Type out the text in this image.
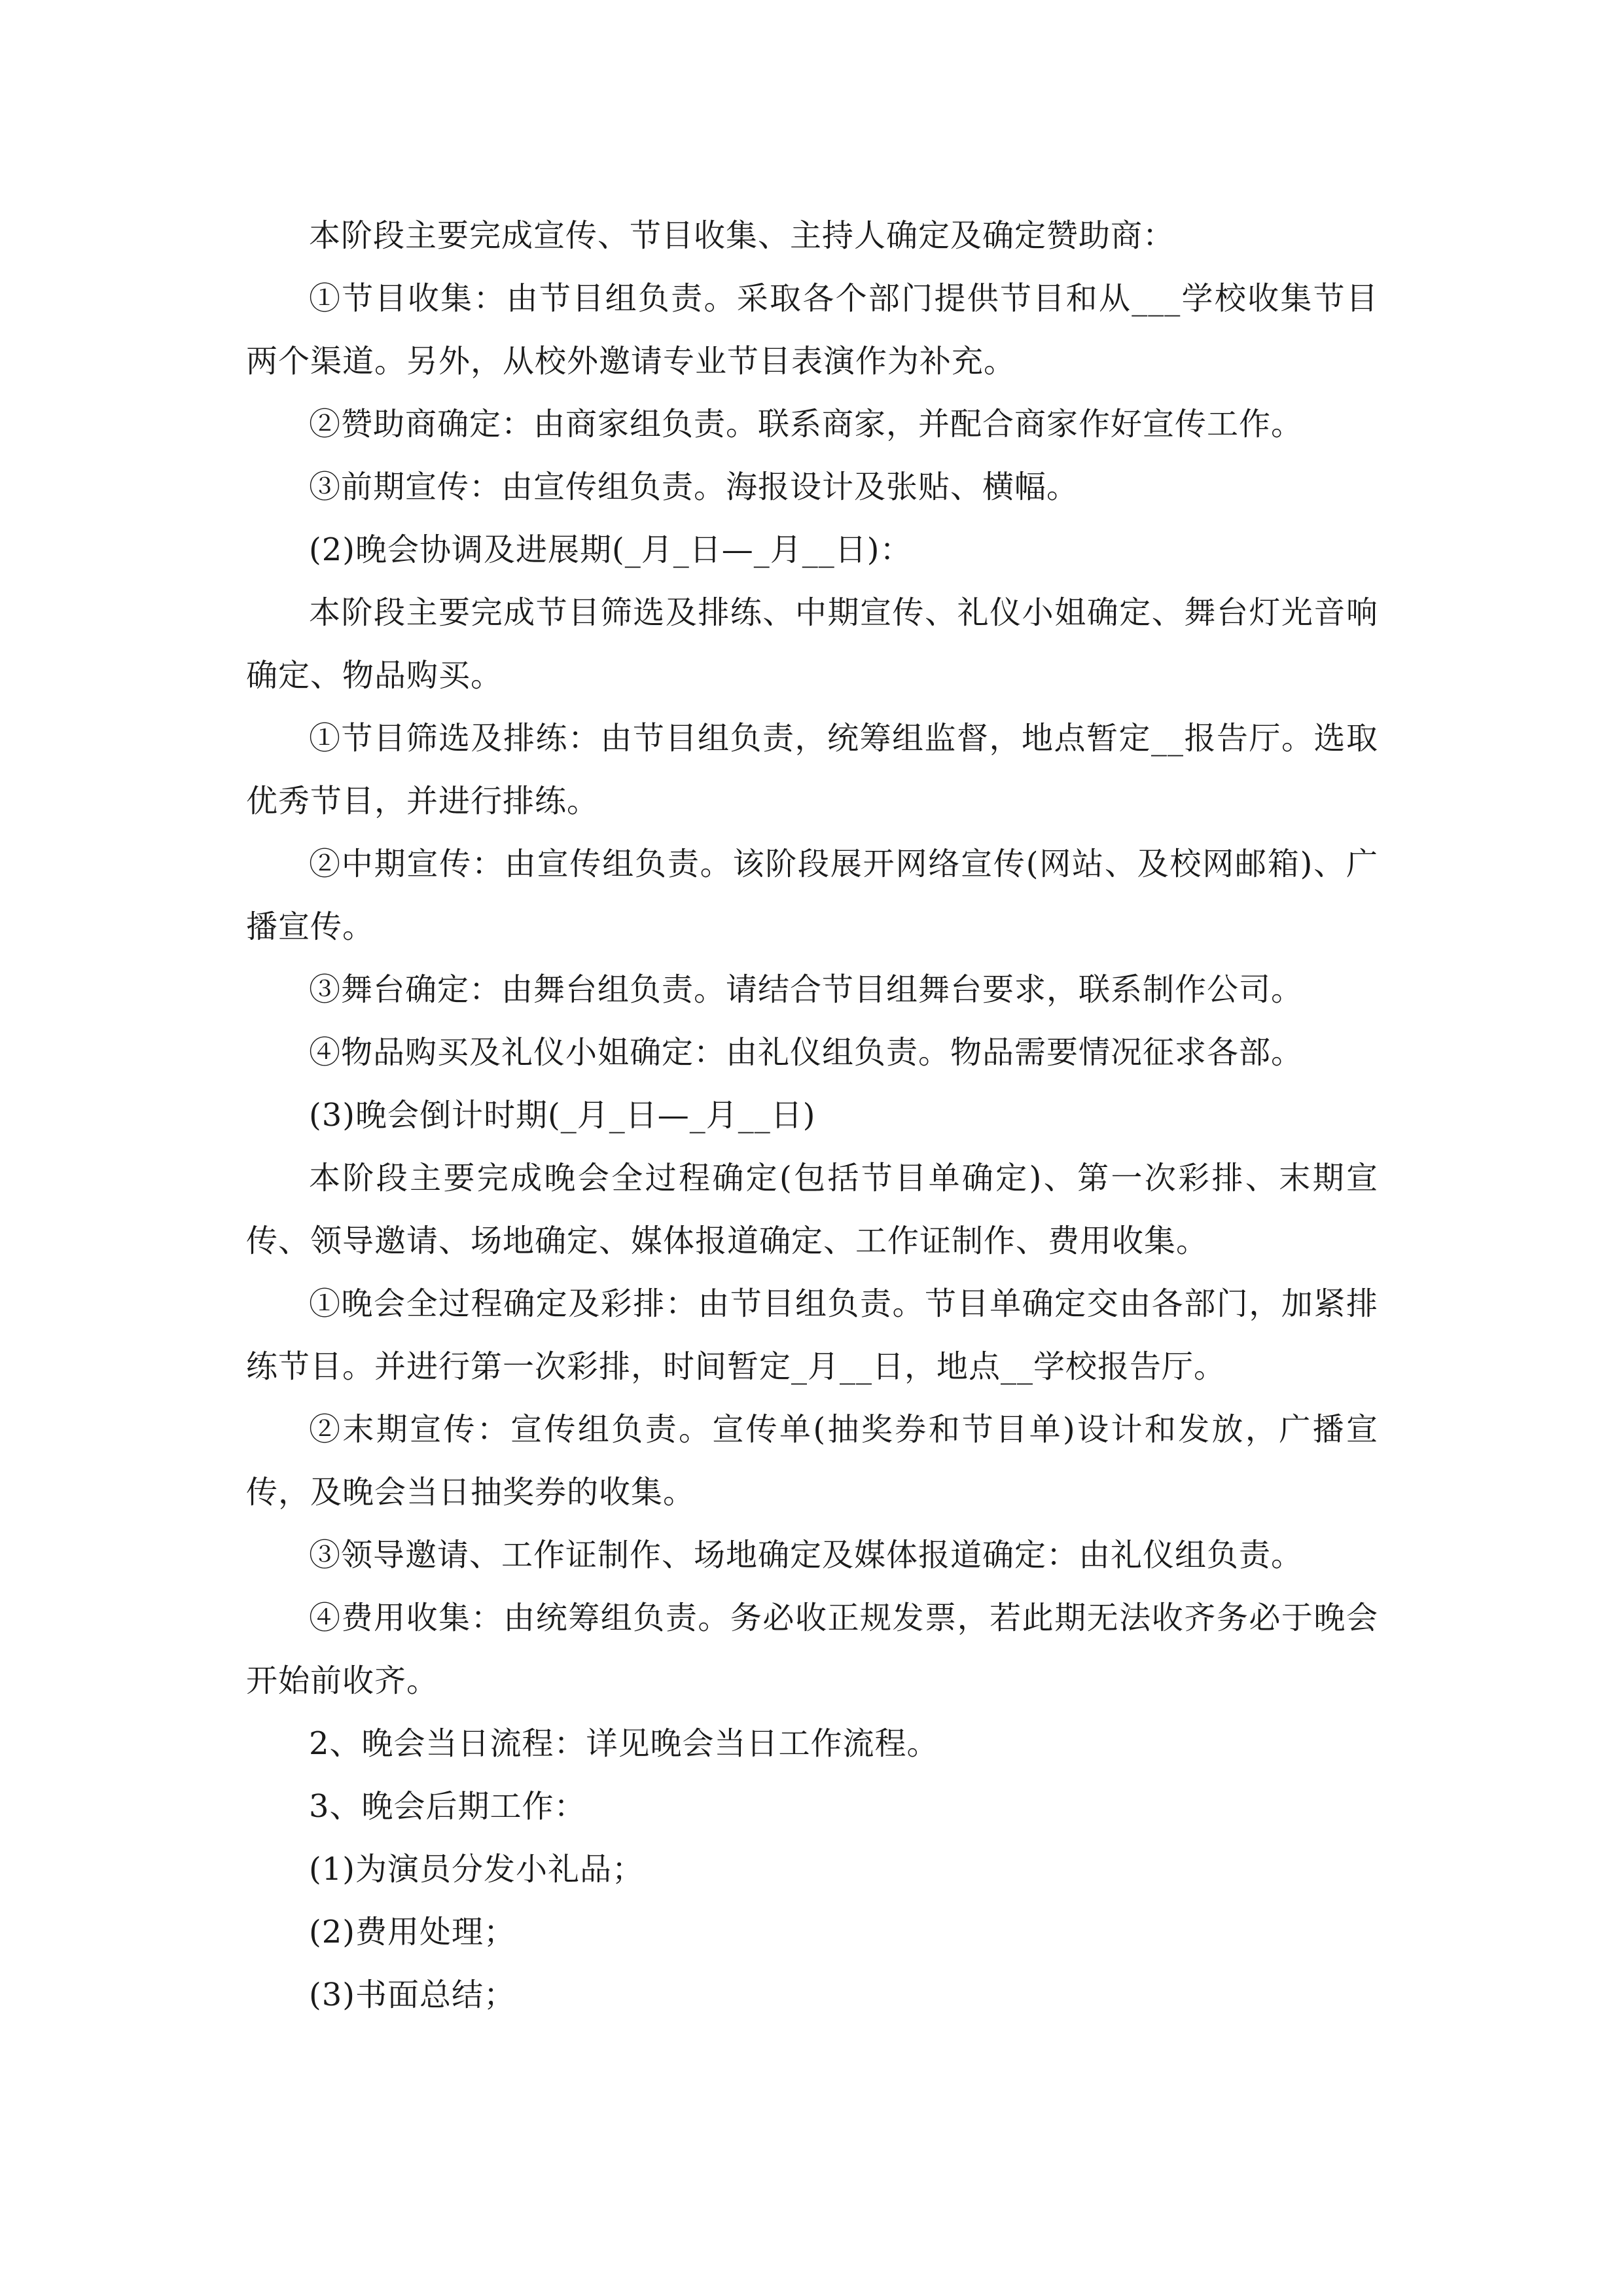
本阶段主要完成宣传、节目收集、主持人确定及确定赞助商：

①节目收集：由节目组负责。采取各个部门提供节目和从___学校收集节目两个渠道。另外，从校外邀请专业节目表演作为补充。

②赞助商确定：由商家组负责。联系商家，并配合商家作好宣传工作。

③前期宣传：由宣传组负责。海报设计及张贴、横幅。

(2)晚会协调及进展期(_月_日—_月__日)：

本阶段主要完成节目筛选及排练、中期宣传、礼仪小姐确定、舞台灯光音响确定、物品购买。

①节目筛选及排练：由节目组负责，统筹组监督，地点暂定__报告厅。选取优秀节目，并进行排练。

②中期宣传：由宣传组负责。该阶段展开网络宣传(网站、及校网邮箱)、广播宣传。

③舞台确定：由舞台组负责。请结合节目组舞台要求，联系制作公司。

④物品购买及礼仪小姐确定：由礼仪组负责。物品需要情况征求各部。

(3)晚会倒计时期(_月_日—_月__日)

本阶段主要完成晚会全过程确定(包括节目单确定)、第一次彩排、末期宣传、领导邀请、场地确定、媒体报道确定、工作证制作、费用收集。

①晚会全过程确定及彩排：由节目组负责。节目单确定交由各部门，加紧排练节目。并进行第一次彩排，时间暂定_月__日，地点__学校报告厅。

②末期宣传：宣传组负责。宣传单(抽奖券和节目单)设计和发放，广播宣传，及晚会当日抽奖券的收集。

③领导邀请、工作证制作、场地确定及媒体报道确定：由礼仪组负责。

④费用收集：由统筹组负责。务必收正规发票，若此期无法收齐务必于晚会开始前收齐。

2、晚会当日流程：详见晚会当日工作流程。

3、晚会后期工作：

(1)为演员分发小礼品；

(2)费用处理；

(3)书面总结；
